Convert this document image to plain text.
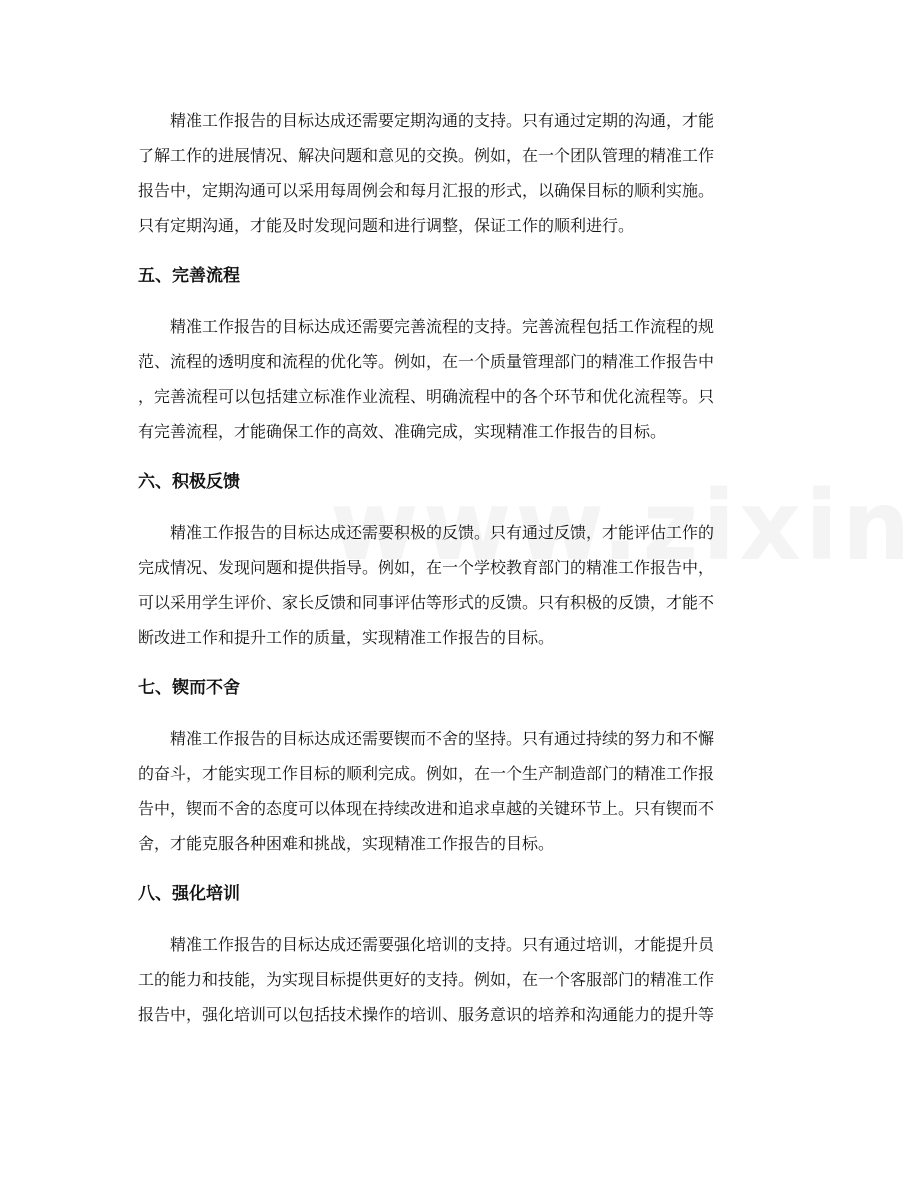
精准工作报告的目标达成还需要定期沟通的支持。只有通过定期的沟通，才能
了解工作的进展情况、解决问题和意见的交换。例如，在一个团队管理的精准工作
报告中，定期沟通可以采用每周例会和每月汇报的形式，以确保目标的顺利实施。
只有定期沟通，才能及时发现问题和进行调整，保证工作的顺利进行。
五、完善流程
精准工作报告的目标达成还需要完善流程的支持。完善流程包括工作流程的规
范、流程的透明度和流程的优化等。例如，在一个质量管理部门的精准工作报告中
，完善流程可以包括建立标准作业流程、明确流程中的各个环节和优化流程等。只
有完善流程，才能确保工作的高效、准确完成，实现精准工作报告的目标。
六、积极反馈
精准工作报告的目标达成还需要积极的反馈。只有通过反馈，才能评估工作的
完成情况、发现问题和提供指导。例如，在一个学校教育部门的精准工作报告中，
可以采用学生评价、家长反馈和同事评估等形式的反馈。只有积极的反馈，才能不
断改进工作和提升工作的质量，实现精准工作报告的目标。
七、锲而不舍
精准工作报告的目标达成还需要锲而不舍的坚持。只有通过持续的努力和不懈
的奋斗，才能实现工作目标的顺利完成。例如，在一个生产制造部门的精准工作报
告中，锲而不舍的态度可以体现在持续改进和追求卓越的关键环节上。只有锲而不
舍，才能克服各种困难和挑战，实现精准工作报告的目标。
八、强化培训
精准工作报告的目标达成还需要强化培训的支持。只有通过培训，才能提升员
工的能力和技能，为实现目标提供更好的支持。例如，在一个客服部门的精准工作
报告中，强化培训可以包括技术操作的培训、服务意识的培养和沟通能力的提升等
